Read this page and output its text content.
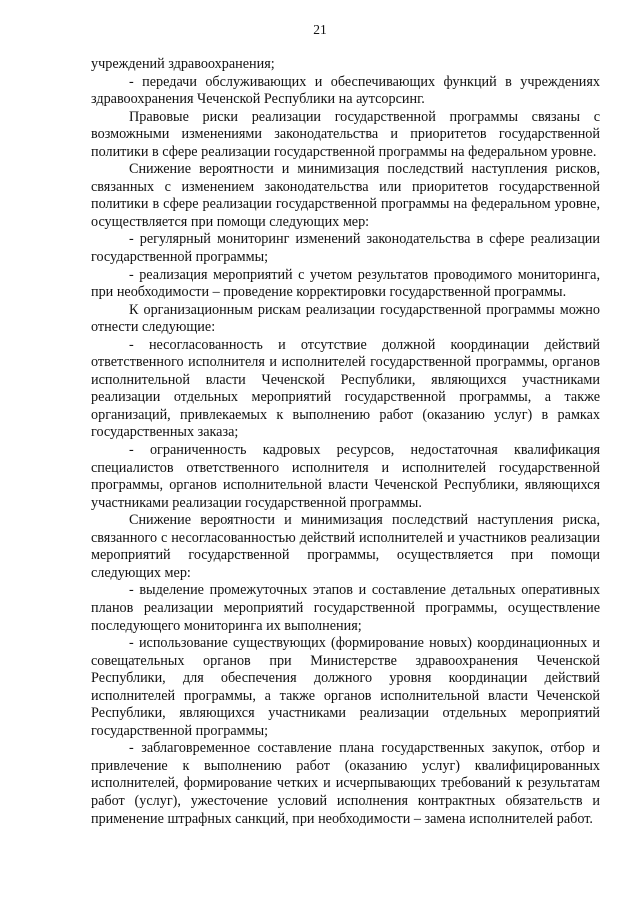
21

учреждений здравоохранения;

- передачи обслуживающих и обеспечивающих функций в учреждениях здравоохранения Чеченской Республики на аутсорсинг.

Правовые риски реализации государственной программы связаны с возможными изменениями законодательства и приоритетов государственной политики в сфере реализации государственной программы на федеральном уровне.

Снижение вероятности и минимизация последствий наступления рисков, связанных с изменением законодательства или приоритетов государственной политики в сфере реализации государственной программы на федеральном уровне, осуществляется при помощи следующих мер:

- регулярный мониторинг изменений законодательства в сфере реализации государственной программы;

- реализация мероприятий с учетом результатов проводимого мониторинга, при необходимости – проведение корректировки государственной программы.

К организационным рискам реализации государственной программы можно отнести следующие:

- несогласованность и отсутствие должной координации действий ответственного исполнителя и исполнителей государственной программы, органов исполнительной власти Чеченской Республики, являющихся участниками реализации отдельных мероприятий государственной программы, а также организаций, привлекаемых к выполнению работ (оказанию услуг) в рамках государственных заказа;

- ограниченность кадровых ресурсов, недостаточная квалификация специалистов ответственного исполнителя и исполнителей государственной программы, органов исполнительной власти Чеченской Республики, являющихся участниками реализации государственной программы.

Снижение вероятности и минимизация последствий наступления риска, связанного с несогласованностью действий исполнителей и участников реализации мероприятий государственной программы, осуществляется при помощи следующих мер:

- выделение промежуточных этапов и составление детальных оперативных планов реализации мероприятий государственной программы, осуществление последующего мониторинга их выполнения;

- использование существующих (формирование новых) координационных и совещательных органов при Министерстве здравоохранения Чеченской Республики, для обеспечения должного уровня координации действий исполнителей программы, а также органов исполнительной власти Чеченской Республики, являющихся участниками реализации отдельных мероприятий государственной программы;

- заблаговременное составление плана государственных закупок, отбор и привлечение к выполнению работ (оказанию услуг) квалифицированных исполнителей, формирование четких и исчерпывающих требований к результатам работ (услуг), ужесточение условий исполнения контрактных обязательств и применение штрафных санкций, при необходимости – замена исполнителей работ.
